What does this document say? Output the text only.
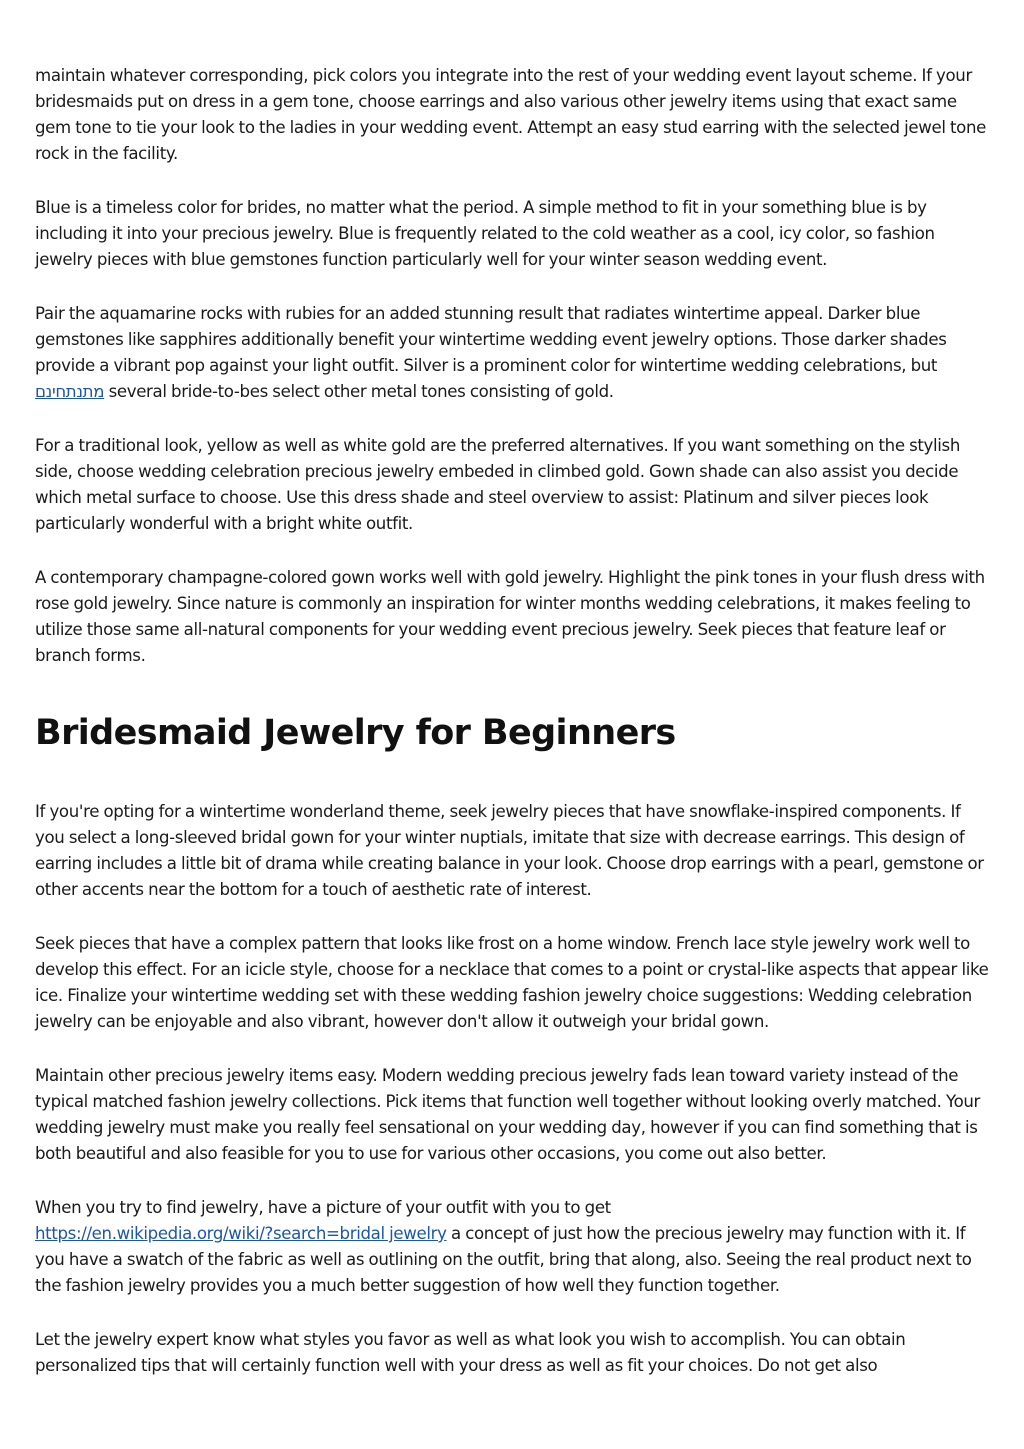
maintain whatever corresponding, pick colors you integrate into the rest of your wedding event layout scheme. If your bridesmaids put on dress in a gem tone, choose earrings and also various other jewelry items using that exact same gem tone to tie your look to the ladies in your wedding event. Attempt an easy stud earring with the selected jewel tone rock in the facility.

Blue is a timeless color for brides, no matter what the period. A simple method to fit in your something blue is by including it into your precious jewelry. Blue is frequently related to the cold weather as a cool, icy color, so fashion jewelry pieces with blue gemstones function particularly well for your winter season wedding event.

Pair the aquamarine rocks with rubies for an added stunning result that radiates wintertime appeal. Darker blue gemstones like sapphires additionally benefit your wintertime wedding event jewelry options. Those darker shades provide a vibrant pop against your light outfit. Silver is a prominent color for wintertime wedding celebrations, but מתנתחינם several bride-to-bes select other metal tones consisting of gold.

For a traditional look, yellow as well as white gold are the preferred alternatives. If you want something on the stylish side, choose wedding celebration precious jewelry embeded in climbed gold. Gown shade can also assist you decide which metal surface to choose. Use this dress shade and steel overview to assist: Platinum and silver pieces look particularly wonderful with a bright white outfit.

A contemporary champagne-colored gown works well with gold jewelry. Highlight the pink tones in your flush dress with rose gold jewelry. Since nature is commonly an inspiration for winter months wedding celebrations, it makes feeling to utilize those same all-natural components for your wedding event precious jewelry. Seek pieces that feature leaf or branch forms.

Bridesmaid Jewelry for Beginners

If you're opting for a wintertime wonderland theme, seek jewelry pieces that have snowflake-inspired components. If you select a long-sleeved bridal gown for your winter nuptials, imitate that size with decrease earrings. This design of earring includes a little bit of drama while creating balance in your look. Choose drop earrings with a pearl, gemstone or other accents near the bottom for a touch of aesthetic rate of interest.

Seek pieces that have a complex pattern that looks like frost on a home window. French lace style jewelry work well to develop this effect. For an icicle style, choose for a necklace that comes to a point or crystal-like aspects that appear like ice. Finalize your wintertime wedding set with these wedding fashion jewelry choice suggestions: Wedding celebration jewelry can be enjoyable and also vibrant, however don't allow it outweigh your bridal gown.

Maintain other precious jewelry items easy. Modern wedding precious jewelry fads lean toward variety instead of the typical matched fashion jewelry collections. Pick items that function well together without looking overly matched. Your wedding jewelry must make you really feel sensational on your wedding day, however if you can find something that is both beautiful and also feasible for you to use for various other occasions, you come out also better.

When you try to find jewelry, have a picture of your outfit with you to get
https://en.wikipedia.org/wiki/?search=bridal jewelry a concept of just how the precious jewelry may function with it. If you have a swatch of the fabric as well as outlining on the outfit, bring that along, also. Seeing the real product next to the fashion jewelry provides you a much better suggestion of how well they function together.

Let the jewelry expert know what styles you favor as well as what look you wish to accomplish. You can obtain personalized tips that will certainly function well with your dress as well as fit your choices. Do not get also
